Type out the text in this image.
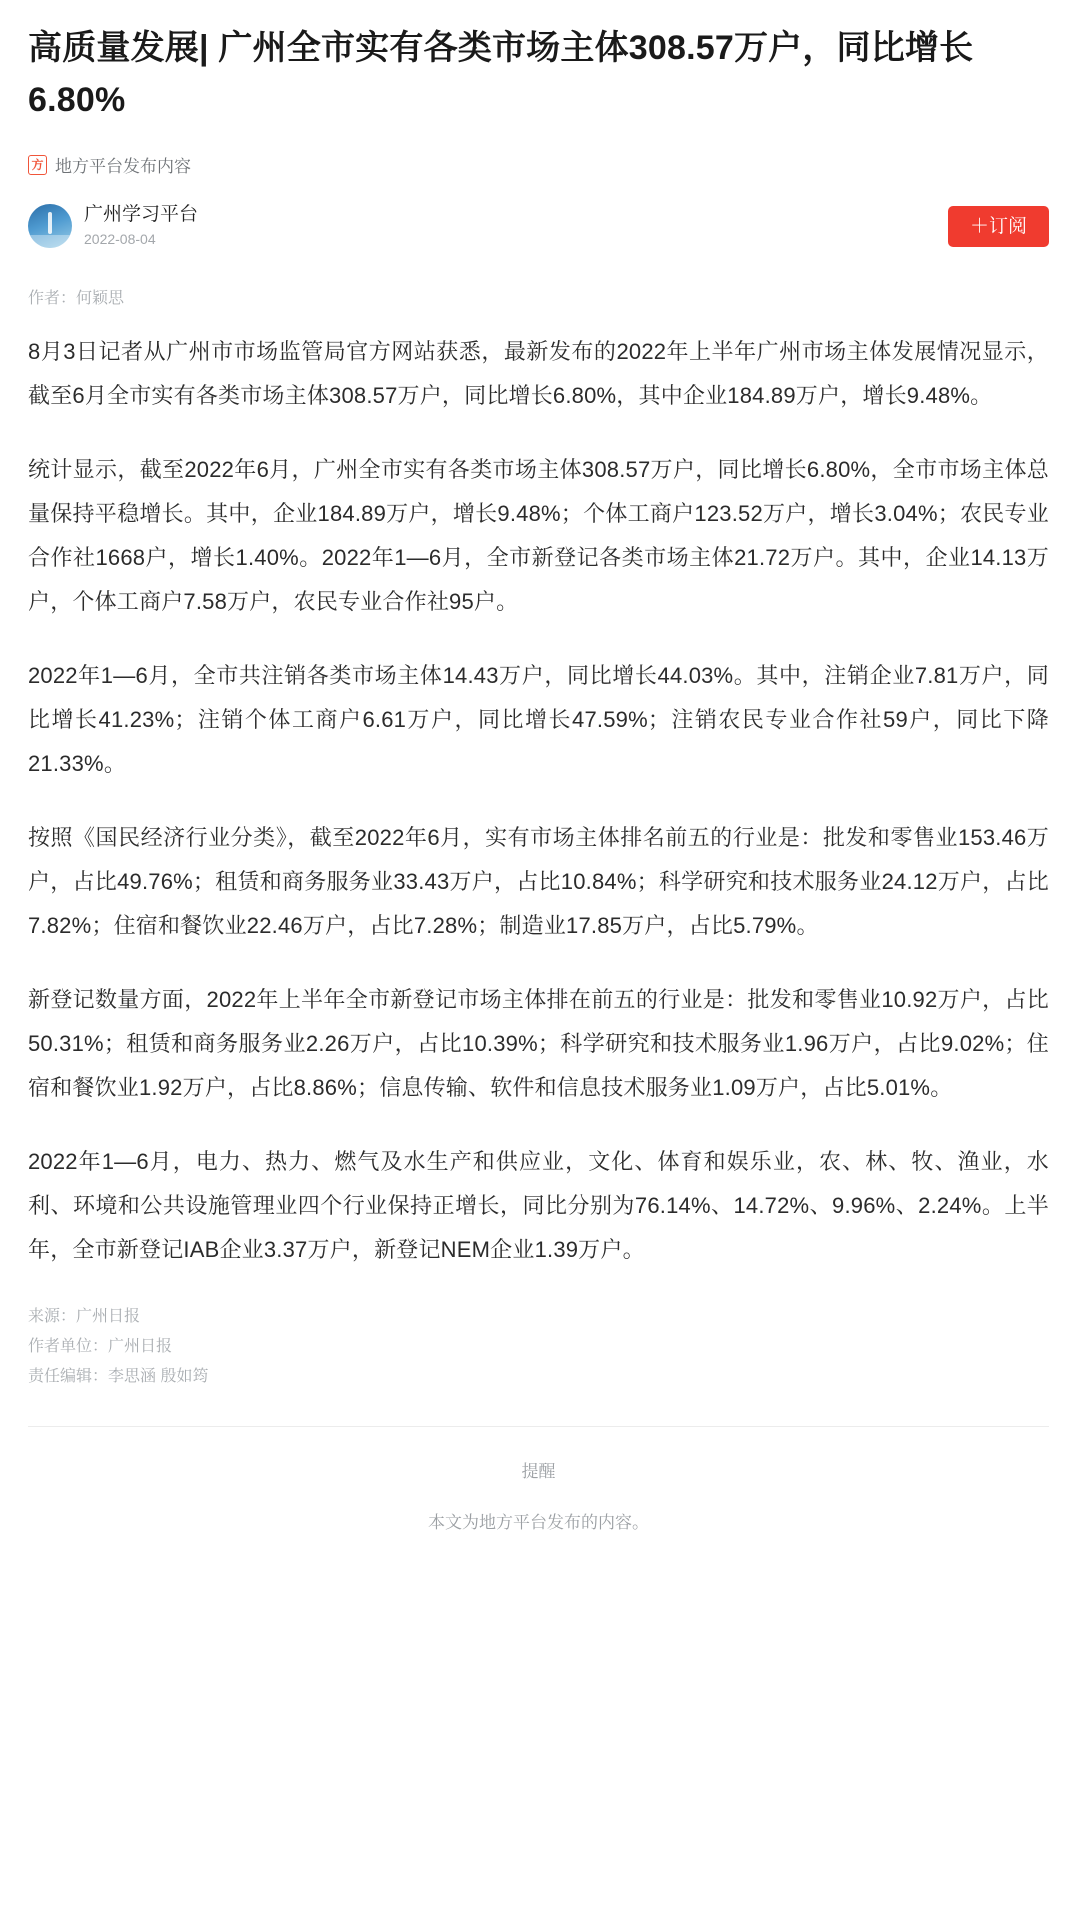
高质量发展| 广州全市实有各类市场主体308.57万户，同比增长6.80%
方 地方平台发布内容
广州学习平台
2022-08-04
＋订阅
作者：何颖思

8月3日记者从广州市市场监管局官方网站获悉，最新发布的2022年上半年广州市场主体发展情况显示，截至6月全市实有各类市场主体308.57万户，同比增长6.80%，其中企业184.89万户，增长9.48%。

统计显示，截至2022年6月，广州全市实有各类市场主体308.57万户，同比增长6.80%，全市市场主体总量保持平稳增长。其中，企业184.89万户，增长9.48%；个体工商户123.52万户，增长3.04%；农民专业合作社1668户，增长1.40%。2022年1—6月，全市新登记各类市场主体21.72万户。其中，企业14.13万户，个体工商户7.58万户，农民专业合作社95户。

2022年1—6月，全市共注销各类市场主体14.43万户，同比增长44.03%。其中，注销企业7.81万户，同比增长41.23%；注销个体工商户6.61万户，同比增长47.59%；注销农民专业合作社59户，同比下降21.33%。

按照《国民经济行业分类》，截至2022年6月，实有市场主体排名前五的行业是：批发和零售业153.46万户，占比49.76%；租赁和商务服务业33.43万户，占比10.84%；科学研究和技术服务业24.12万户，占比7.82%；住宿和餐饮业22.46万户，占比7.28%；制造业17.85万户，占比5.79%。

新登记数量方面，2022年上半年全市新登记市场主体排在前五的行业是：批发和零售业10.92万户，占比50.31%；租赁和商务服务业2.26万户，占比10.39%；科学研究和技术服务业1.96万户，占比9.02%；住宿和餐饮业1.92万户，占比8.86%；信息传输、软件和信息技术服务业1.09万户，占比5.01%。

2022年1—6月，电力、热力、燃气及水生产和供应业，文化、体育和娱乐业，农、林、牧、渔业，水利、环境和公共设施管理业四个行业保持正增长，同比分别为76.14%、14.72%、9.96%、2.24%。上半年，全市新登记IAB企业3.37万户，新登记NEM企业1.39万户。

来源：广州日报
作者单位：广州日报
责任编辑：李思涵 殷如筠
提醒
本文为地方平台发布的内容。
